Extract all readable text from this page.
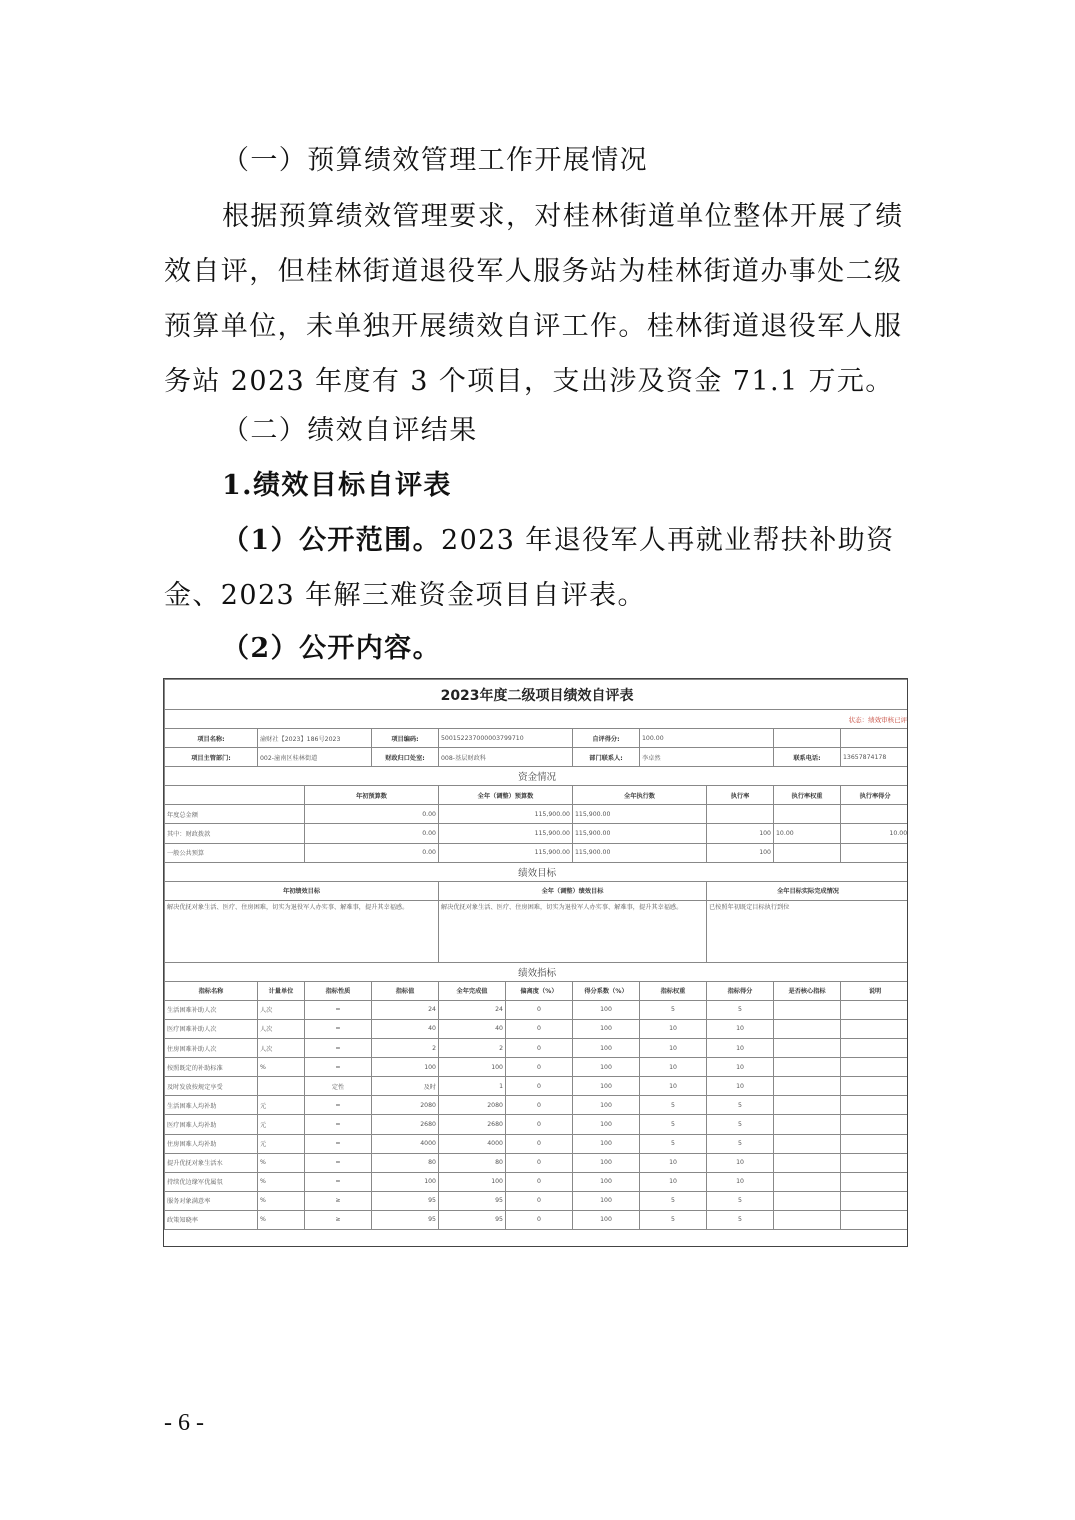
（一）预算绩效管理工作开展情况
根据预算绩效管理要求，对桂林街道单位整体开展了绩效自评，但桂林街道退役军人服务站为桂林街道办事处二级预算单位，未单独开展绩效自评工作。桂林街道退役军人服务站 2023 年度有 3 个项目，支出涉及资金 71.1 万元。
（二）绩效自评结果
1.绩效目标自评表
（1）公开范围。2023 年退役军人再就业帮扶补助资金、2023 年解三难资金项目自评表。
（2）公开内容。
2023年度二级项目绩效自评表										
状态：绩效审核已评										
项目名称:	渝财社【2023】186号2023		项目编码:	500152237000003799710		自评得分:	100.00			
项目主管部门:	002-潼南区桂林街道		财政归口处室:	008-基层财政科		部门联系人:	李卓然		联系电话:	13657874178
资金情况										
		年初预算数		全年（调整）预算数		全年执行数		执行率	执行率权重	执行率得分
年度总金额		0.00		115,900.00		115,900.00				
其中：财政拨款		0.00		115,900.00		115,900.00		100	10.00	10.00
一般公共预算		0.00		115,900.00		115,900.00		100		
绩效目标										
年初绩效目标				全年（调整）绩效目标				全年目标实际完成情况		
解决优抚对象生活、医疗、住房困难，切实为退役军人办实事、解难事，提升其幸福感。				解决优抚对象生活、医疗、住房困难，切实为退役军人办实事、解难事，提升其幸福感。				已按照年初既定目标执行到位		
绩效指标										
指标名称	计量单位	指标性质	指标值	全年完成值	偏离度（%）	得分系数（%）	指标权重	指标得分	是否核心指标	说明
生活困难补助人次	人次	=	24	24	0	100	5	5		
医疗困难补助人次	人次	=	40	40	0	100	10	10		
住房困难补助人次	人次	=	2	2	0	100	10	10		
按照既定的补助标准	%	=	100	100	0	100	10	10		
及时发放按规定享受		定性	及时	1	0	100	10	10		
生活困难人均补助	元	=	2080	2080	0	100	5	5		
医疗困难人均补助	元	=	2680	2680	0	100	5	5		
住房困难人均补助	元	=	4000	4000	0	100	5	5		
提升优抚对象生活水	%	=	80	80	0	100	10	10		
持续优边缘军优属氛	%	=	100	100	0	100	10	10		
服务对象满意率	%	≥	95	95	0	100	5	5		
政策知晓率	%	≥	95	95	0	100	5	5		
- 6 -
